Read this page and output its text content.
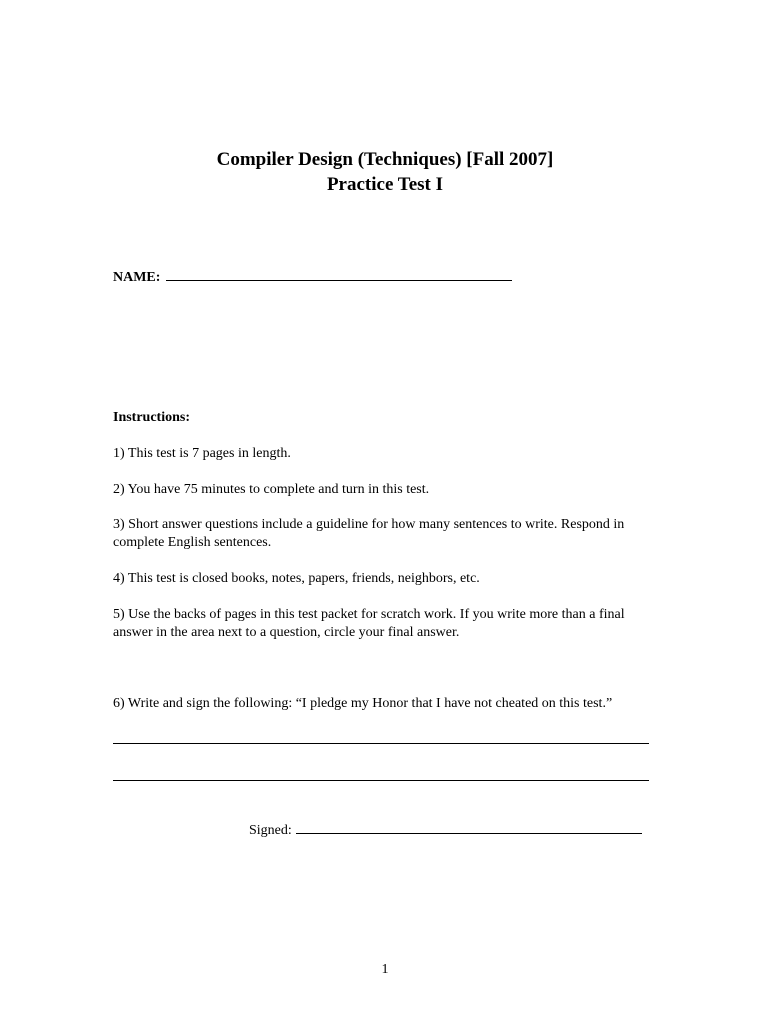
Compiler Design (Techniques) [Fall 2007]
Practice Test I
NAME:
Instructions:

1) This test is 7 pages in length.

2) You have 75 minutes to complete and turn in this test.

3) Short answer questions include a guideline for how many sentences to write. Respond in complete English sentences.

4) This test is closed books, notes, papers, friends, neighbors, etc.

5) Use the backs of pages in this test packet for scratch work. If you write more than a final answer in the area next to a question, circle your final answer.

6) Write and sign the following: “I pledge my Honor that I have not cheated on this test.”

Signed:
1
